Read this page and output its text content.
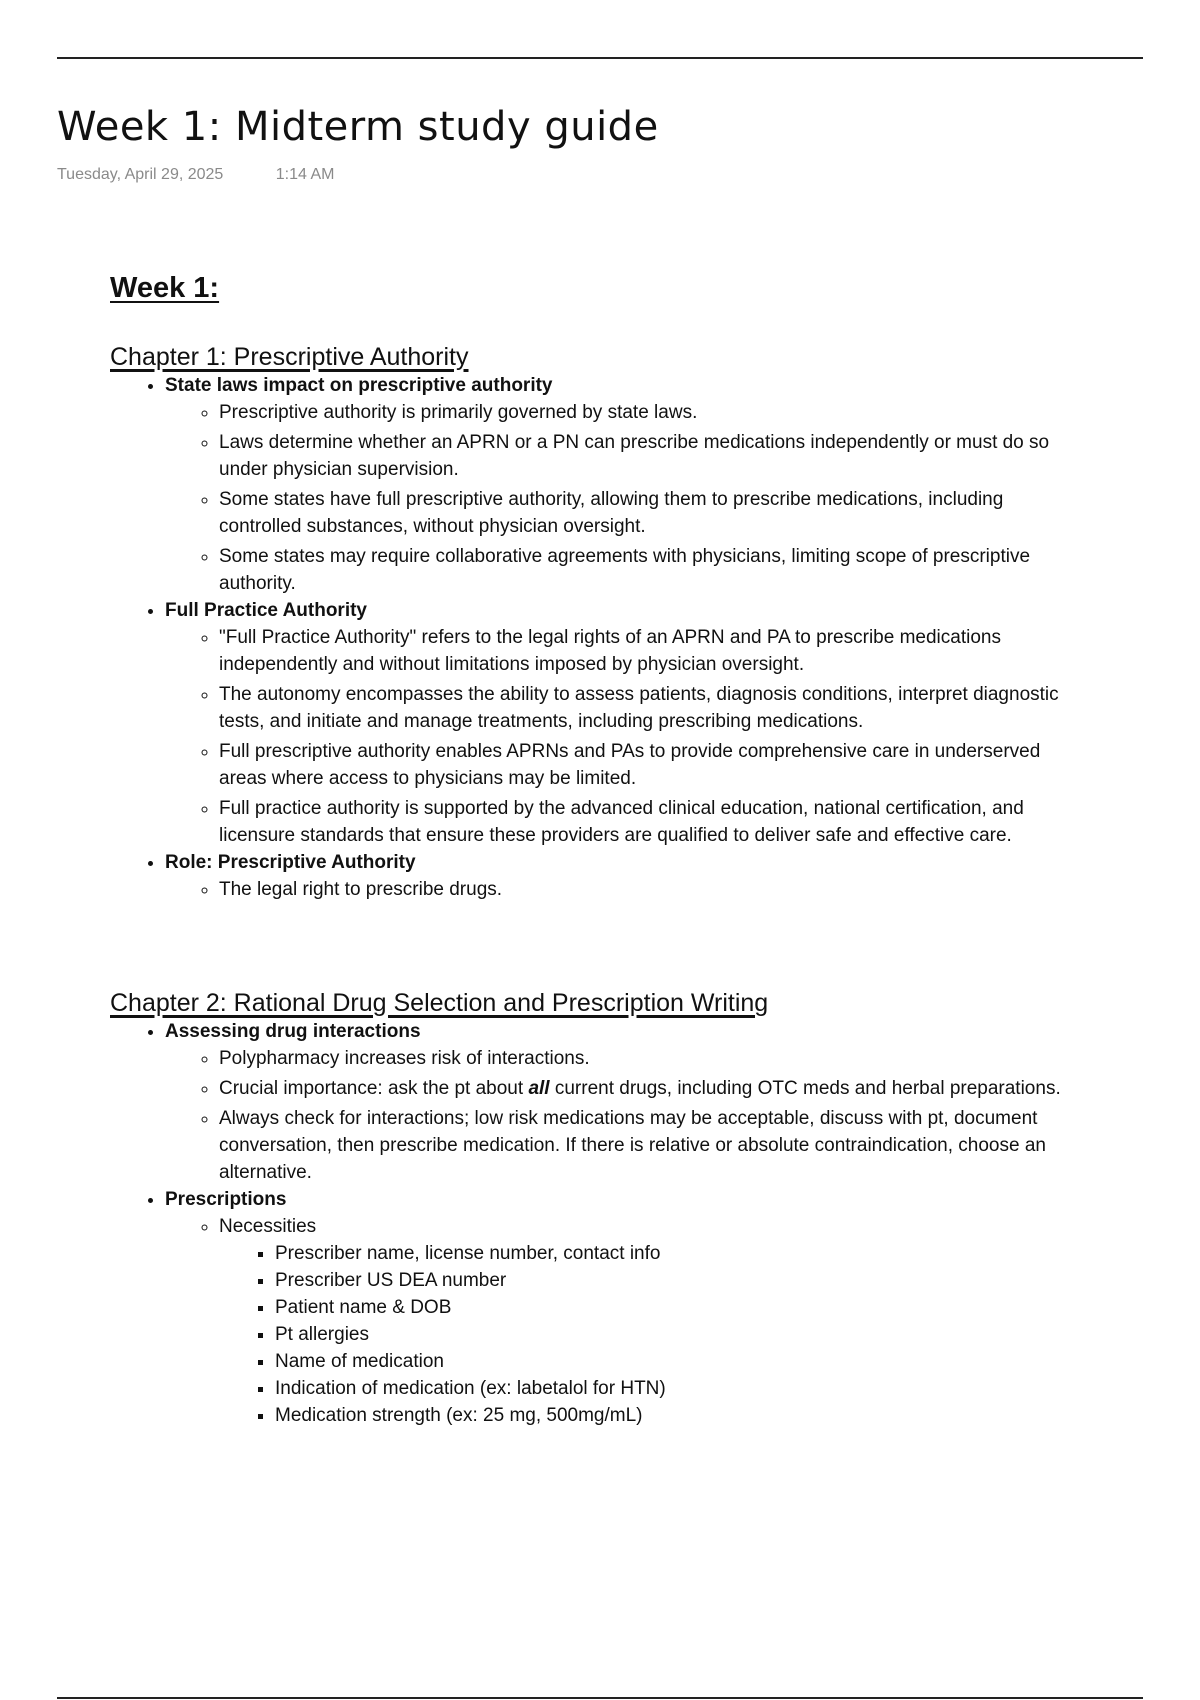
Week 1: Midterm study guide
Tuesday, April 29, 2025	1:14 AM
Week 1:
Chapter 1: Prescriptive Authority
• State laws impact on prescriptive authority
◦ Prescriptive authority is primarily governed by state laws.
◦ Laws determine whether an APRN or a PN can prescribe medications independently or must do so under physician supervision.
◦ Some states have full prescriptive authority, allowing them to prescribe medications, including controlled substances, without physician oversight.
◦ Some states may require collaborative agreements with physicians, limiting scope of prescriptive authority.
• Full Practice Authority
◦ "Full Practice Authority" refers to the legal rights of an APRN and PA to prescribe medications independently and without limitations imposed by physician oversight.
◦ The autonomy encompasses the ability to assess patients, diagnosis conditions, interpret diagnostic tests, and initiate and manage treatments, including prescribing medications.
◦ Full prescriptive authority enables APRNs and PAs to provide comprehensive care in underserved areas where access to physicians may be limited.
◦ Full practice authority is supported by the advanced clinical education, national certification, and licensure standards that ensure these providers are qualified to deliver safe and effective care.
• Role: Prescriptive Authority
◦ The legal right to prescribe drugs.
Chapter 2: Rational Drug Selection and Prescription Writing
• Assessing drug interactions
◦ Polypharmacy increases risk of interactions.
◦ Crucial importance: ask the pt about all current drugs, including OTC meds and herbal preparations.
◦ Always check for interactions; low risk medications may be acceptable, discuss with pt, document conversation, then prescribe medication. If there is relative or absolute contraindication, choose an alternative.
• Prescriptions
◦ Necessities
▪ Prescriber name, license number, contact info
▪ Prescriber US DEA number
▪ Patient name & DOB
▪ Pt allergies
▪ Name of medication
▪ Indication of medication (ex: labetalol for HTN)
▪ Medication strength (ex: 25 mg, 500mg/mL)
